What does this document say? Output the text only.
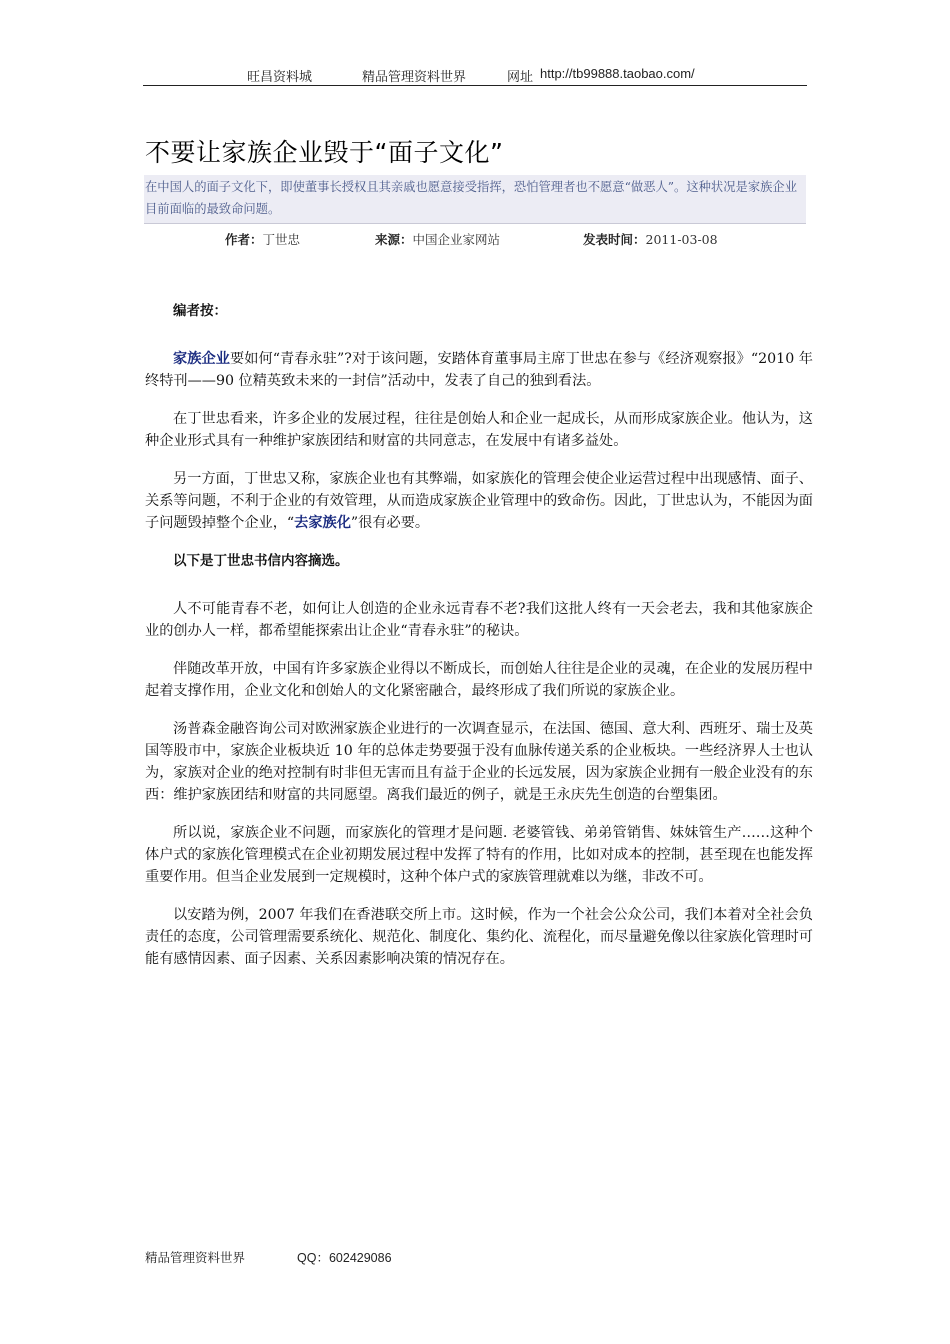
旺昌资料城	精品管理资料世界	网址 http://tb99888.taobao.com/
不要让家族企业毁于“面子文化”

在中国人的面子文化下，即使董事长授权且其亲戚也愿意接受指挥，恐怕管理者也不愿意“做恶人”。这种状况是家族企业目前面临的最致命问题。

作者：丁世忠	来源：中国企业家网站	发表时间：2011-03-08

编者按：

家族企业要如何“青春永驻”?对于该问题，安踏体育董事局主席丁世忠在参与《经济观察报》“2010 年终特刊——90 位精英致未来的一封信”活动中，发表了自己的独到看法。

在丁世忠看来，许多企业的发展过程，往往是创始人和企业一起成长，从而形成家族企业。他认为，这种企业形式具有一种维护家族团结和财富的共同意志，在发展中有诸多益处。

另一方面，丁世忠又称，家族企业也有其弊端，如家族化的管理会使企业运营过程中出现感情、面子、关系等问题，不利于企业的有效管理，从而造成家族企业管理中的致命伤。因此，丁世忠认为，不能因为面子问题毁掉整个企业，“去家族化”很有必要。

以下是丁世忠书信内容摘选。

人不可能青春不老，如何让人创造的企业永远青春不老?我们这批人终有一天会老去，我和其他家族企业的创办人一样，都希望能探索出让企业“青春永驻”的秘诀。

伴随改革开放，中国有许多家族企业得以不断成长，而创始人往往是企业的灵魂，在企业的发展历程中起着支撑作用，企业文化和创始人的文化紧密融合，最终形成了我们所说的家族企业。

汤普森金融咨询公司对欧洲家族企业进行的一次调查显示，在法国、德国、意大利、西班牙、瑞士及英国等股市中，家族企业板块近 10 年的总体走势要强于没有血脉传递关系的企业板块。一些经济界人士也认为，家族对企业的绝对控制有时非但无害而且有益于企业的长远发展，因为家族企业拥有一般企业没有的东西：维护家族团结和财富的共同愿望。离我们最近的例子，就是王永庆先生创造的台塑集团。

所以说，家族企业不问题，而家族化的管理才是问题. 老婆管钱、弟弟管销售、妹妹管生产……这种个体户式的家族化管理模式在企业初期发展过程中发挥了特有的作用，比如对成本的控制，甚至现在也能发挥重要作用。但当企业发展到一定规模时，这种个体户式的家族管理就难以为继，非改不可。

以安踏为例，2007 年我们在香港联交所上市。这时候，作为一个社会公众公司，我们本着对全社会负责任的态度，公司管理需要系统化、规范化、制度化、集约化、流程化，而尽量避免像以往家族化管理时可能有感情因素、面子因素、关系因素影响决策的情况存在。

精品管理资料世界	QQ：602429086
